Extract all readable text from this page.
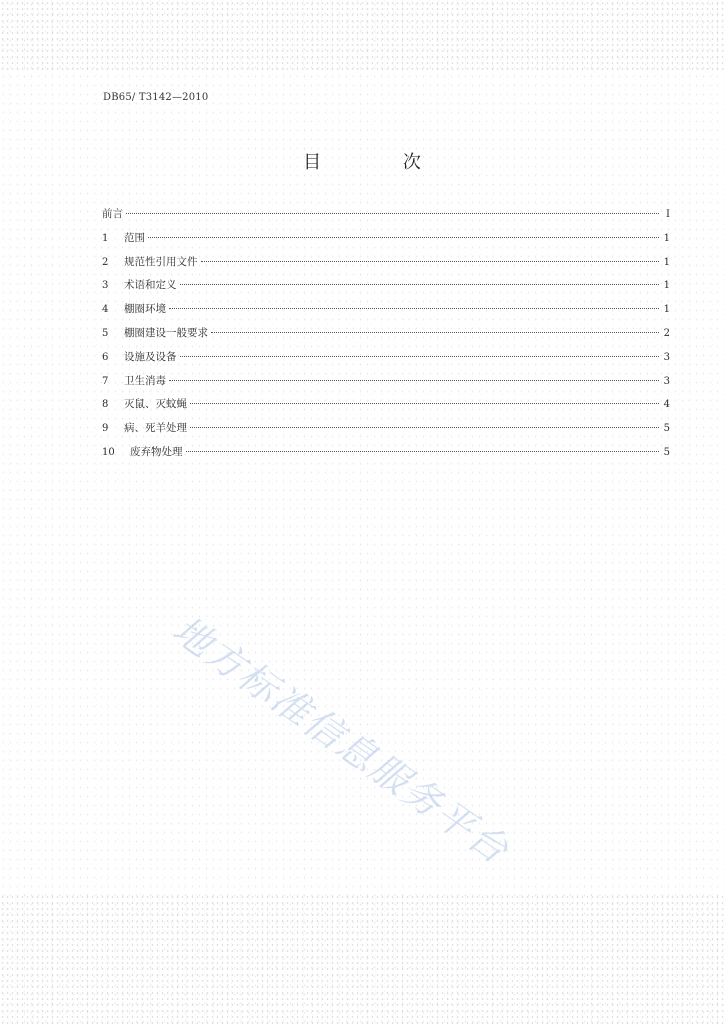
DB65/ T3142—2010
目 次
前言	I
1	范围	1
2	规范性引用文件	1
3	术语和定义	1
4	棚圈环境	1
5	棚圈建设一般要求	2
6	设施及设备	3
7	卫生消毒	3
8	灭鼠、灭蚊蝇	4
9	病、死羊处理	5
10	废弃物处理	5
地方标准信息服务平台
